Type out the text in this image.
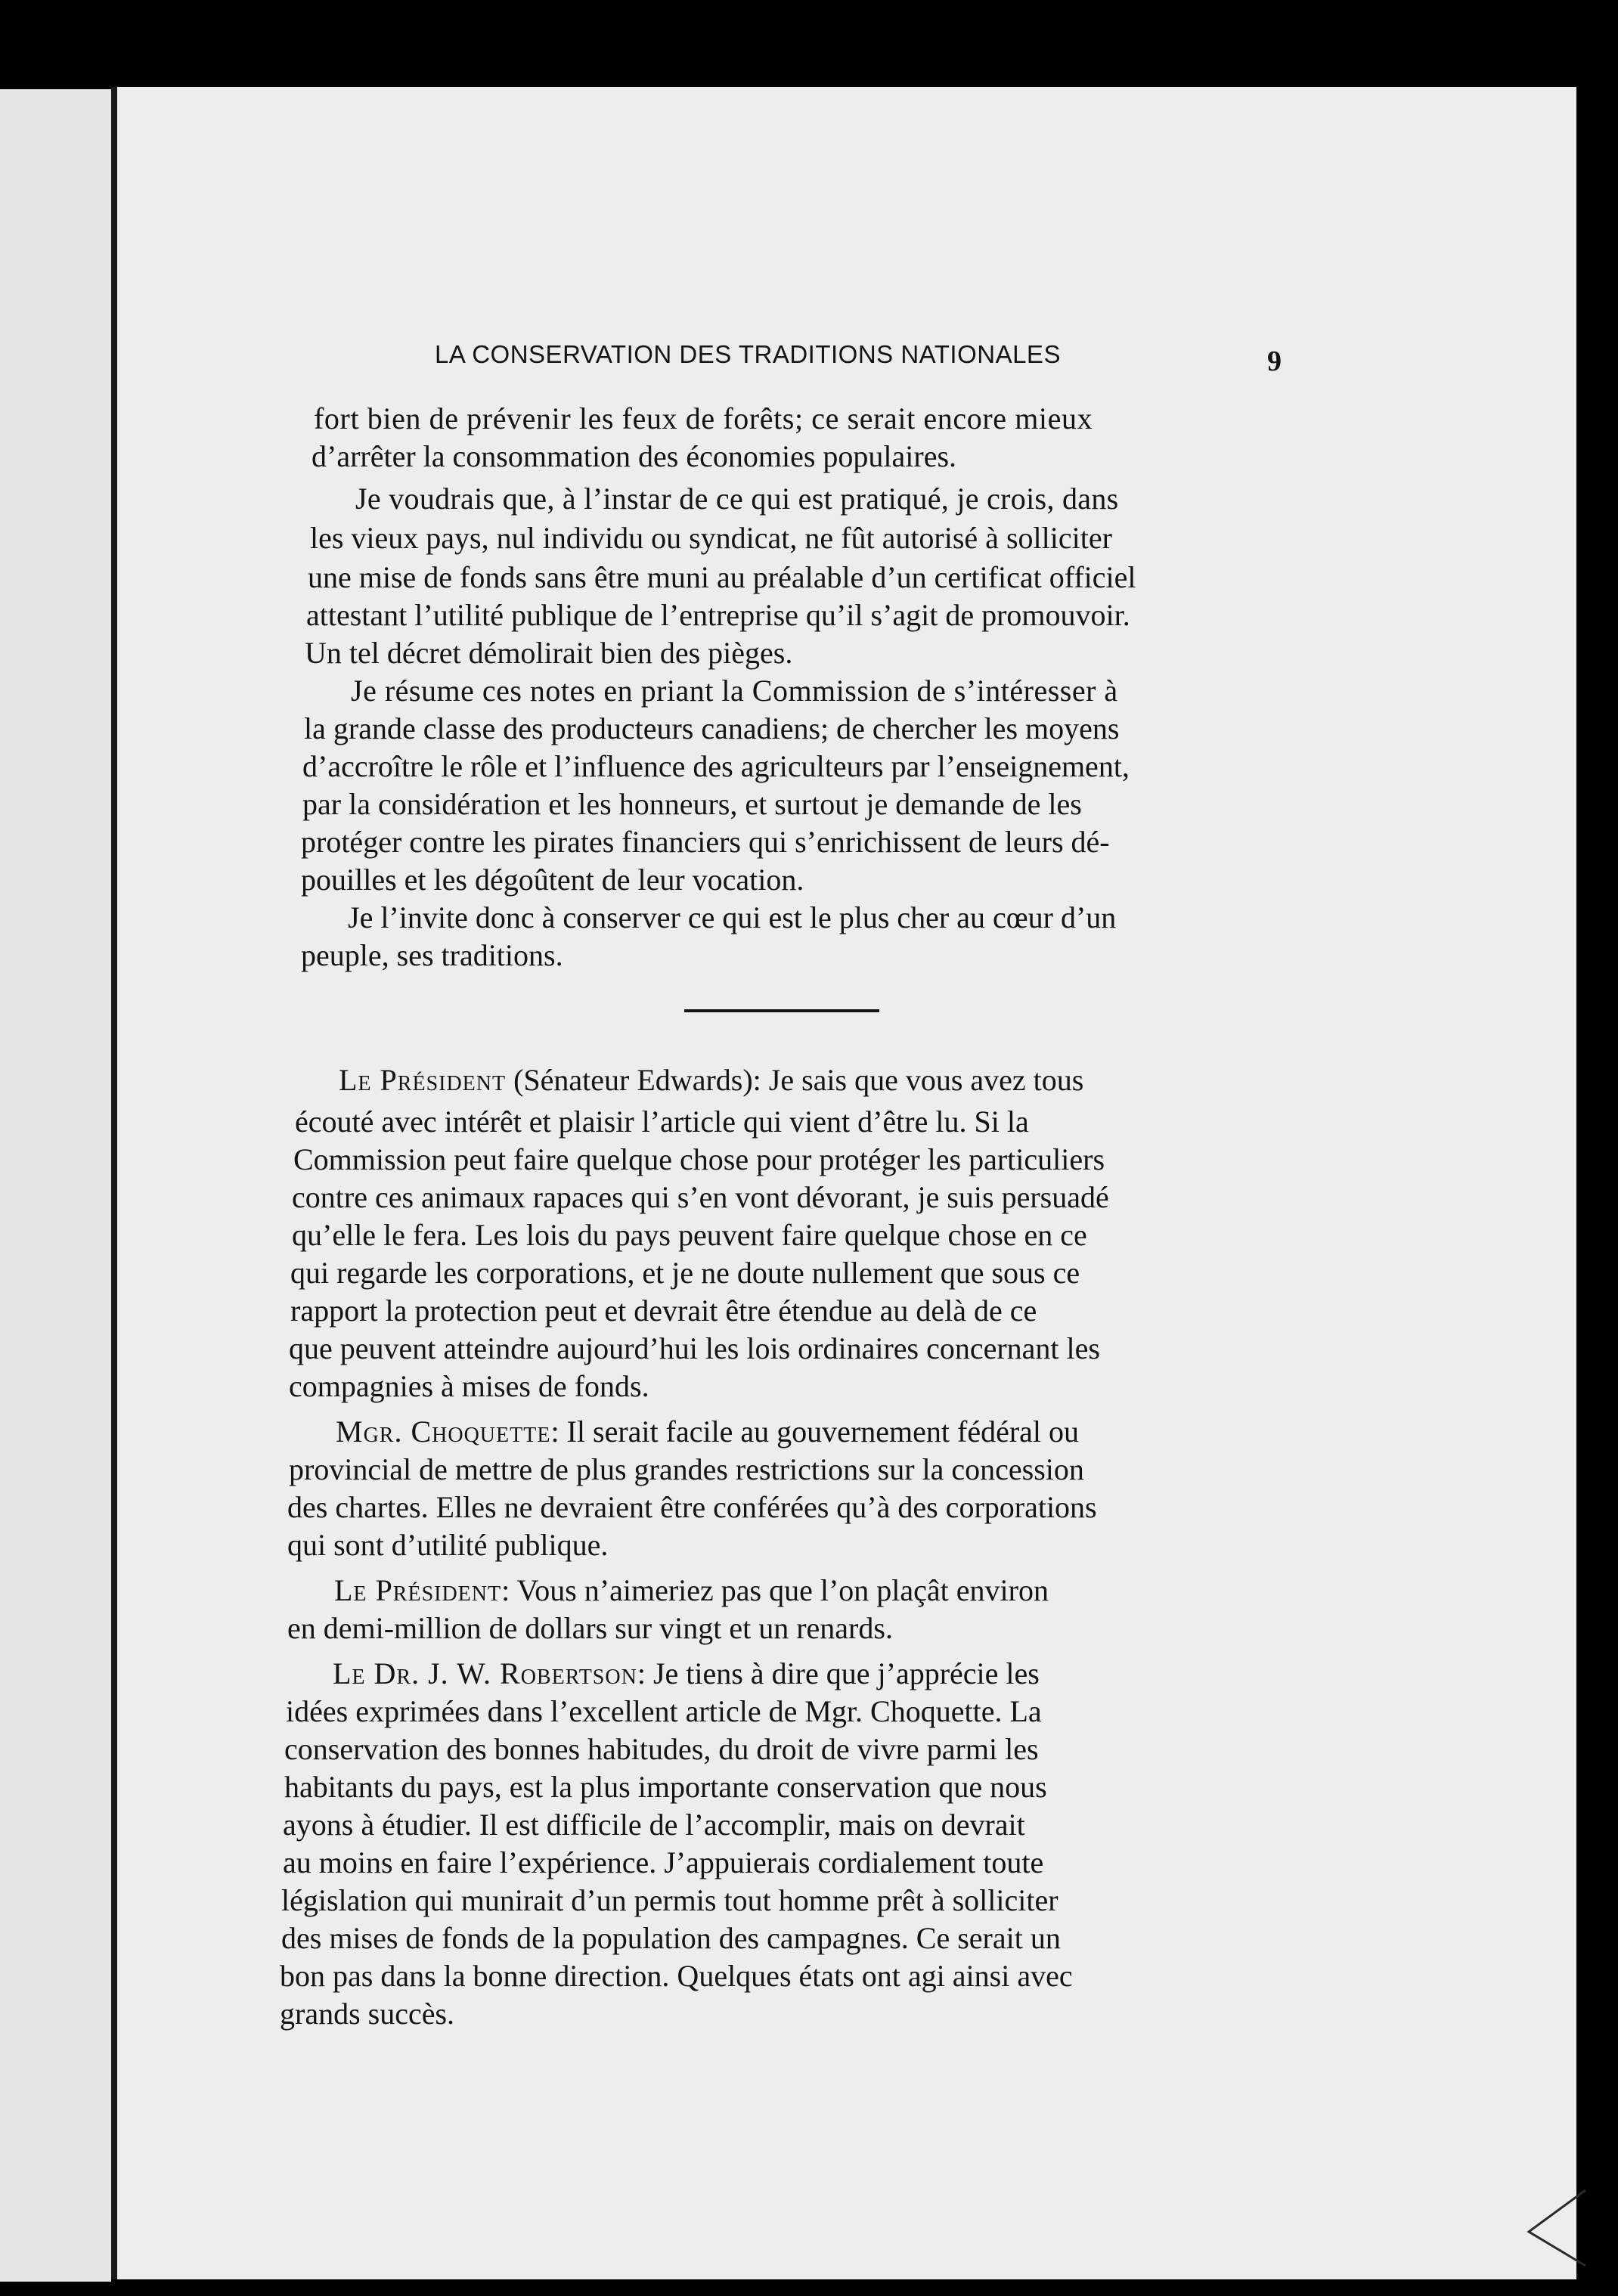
LA CONSERVATION DES TRADITIONS NATIONALES	9
fort bien de prévenir les feux de forêts; ce serait encore mieux
d’arrêter la consommation des économies populaires.
Je voudrais que, à l’instar de ce qui est pratiqué, je crois, dans
les vieux pays, nul individu ou syndicat, ne fût autorisé à solliciter
une mise de fonds sans être muni au préalable d’un certificat officiel
attestant l’utilité publique de l’entreprise qu’il s’agit de promouvoir.
Un tel décret démolirait bien des pièges.
Je résume ces notes en priant la Commission de s’intéresser à
la grande classe des producteurs canadiens; de chercher les moyens
d’accroître le rôle et l’influence des agriculteurs par l’enseignement,
par la considération et les honneurs, et surtout je demande de les
protéger contre les pirates financiers qui s’enrichissent de leurs dé-
pouilles et les dégoûtent de leur vocation.
Je l’invite donc à conserver ce qui est le plus cher au cœur d’un
peuple, ses traditions.
Le Président (Sénateur Edwards): Je sais que vous avez tous
écouté avec intérêt et plaisir l’article qui vient d’être lu. Si la
Commission peut faire quelque chose pour protéger les particuliers
contre ces animaux rapaces qui s’en vont dévorant, je suis persuadé
qu’elle le fera. Les lois du pays peuvent faire quelque chose en ce
qui regarde les corporations, et je ne doute nullement que sous ce
rapport la protection peut et devrait être étendue au delà de ce
que peuvent atteindre aujourd’hui les lois ordinaires concernant les
compagnies à mises de fonds.
Mgr. Choquette: Il serait facile au gouvernement fédéral ou
provincial de mettre de plus grandes restrictions sur la concession
des chartes. Elles ne devraient être conférées qu’à des corporations
qui sont d’utilité publique.
Le Président: Vous n’aimeriez pas que l’on plaçât environ
en demi-million de dollars sur vingt et un renards.
Le Dr. J. W. Robertson: Je tiens à dire que j’apprécie les
idées exprimées dans l’excellent article de Mgr. Choquette. La
conservation des bonnes habitudes, du droit de vivre parmi les
habitants du pays, est la plus importante conservation que nous
ayons à étudier. Il est difficile de l’accomplir, mais on devrait
au moins en faire l’expérience. J’appuierais cordialement toute
législation qui munirait d’un permis tout homme prêt à solliciter
des mises de fonds de la population des campagnes. Ce serait un
bon pas dans la bonne direction. Quelques états ont agi ainsi avec
grands succès.
